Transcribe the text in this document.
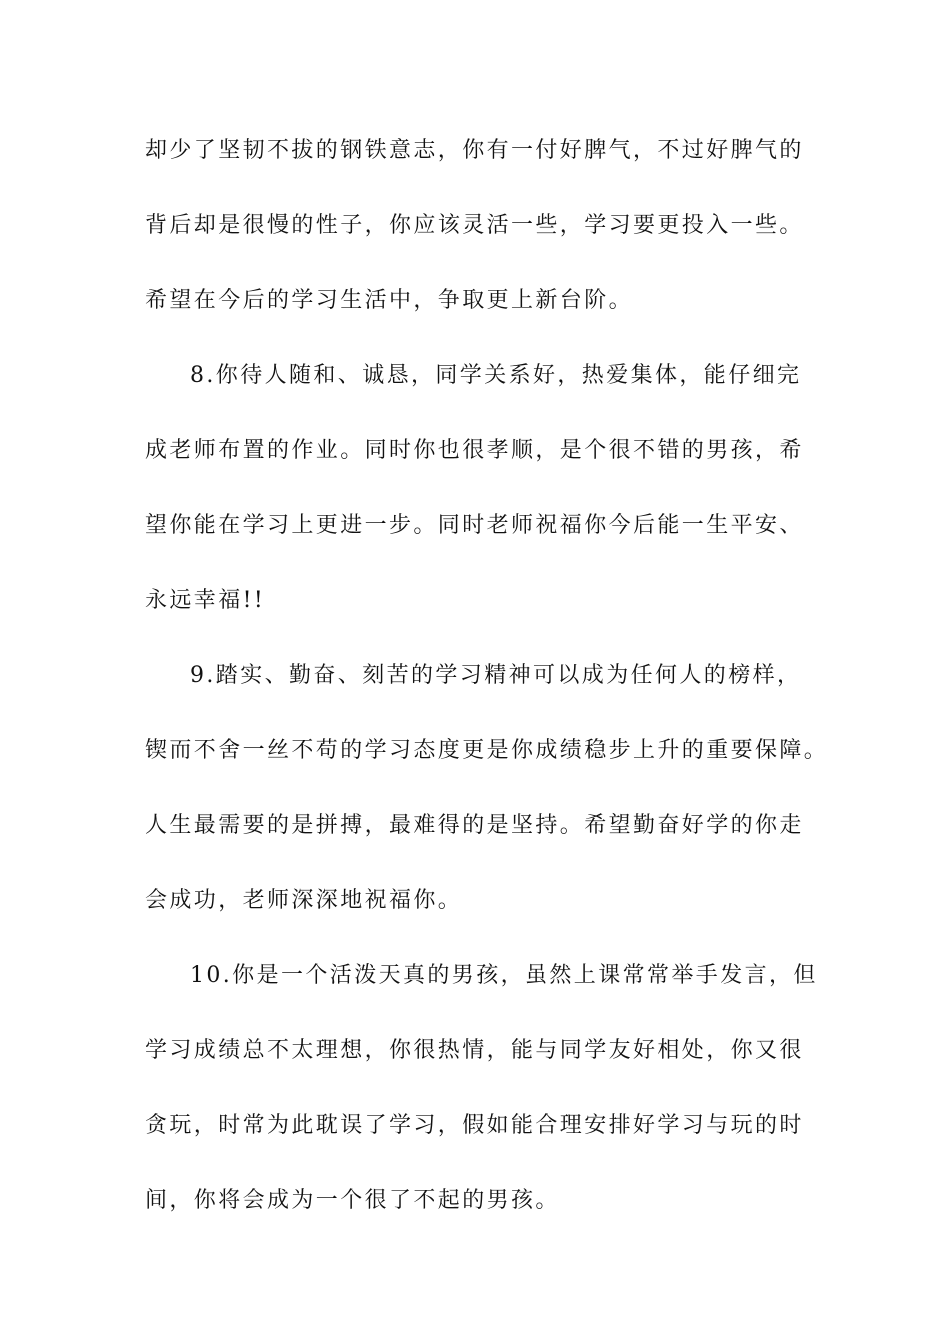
却少了坚韧不拔的钢铁意志，你有一付好脾气，不过好脾气的
背后却是很慢的性子，你应该灵活一些，学习要更投入一些。
希望在今后的学习生活中，争取更上新台阶。
8.你待人随和、诚恳，同学关系好，热爱集体，能仔细完
成老师布置的作业。同时你也很孝顺，是个很不错的男孩，希
望你能在学习上更进一步。同时老师祝福你今后能一生平安、
永远幸福!!
9.踏实、勤奋、刻苦的学习精神可以成为任何人的榜样，
锲而不舍一丝不苟的学习态度更是你成绩稳步上升的重要保障。
人生最需要的是拼搏，最难得的是坚持。希望勤奋好学的你走
会成功，老师深深地祝福你。
10.你是一个活泼天真的男孩，虽然上课常常举手发言，但
学习成绩总不太理想，你很热情，能与同学友好相处，你又很
贪玩，时常为此耽误了学习，假如能合理安排好学习与玩的时
间，你将会成为一个很了不起的男孩。
